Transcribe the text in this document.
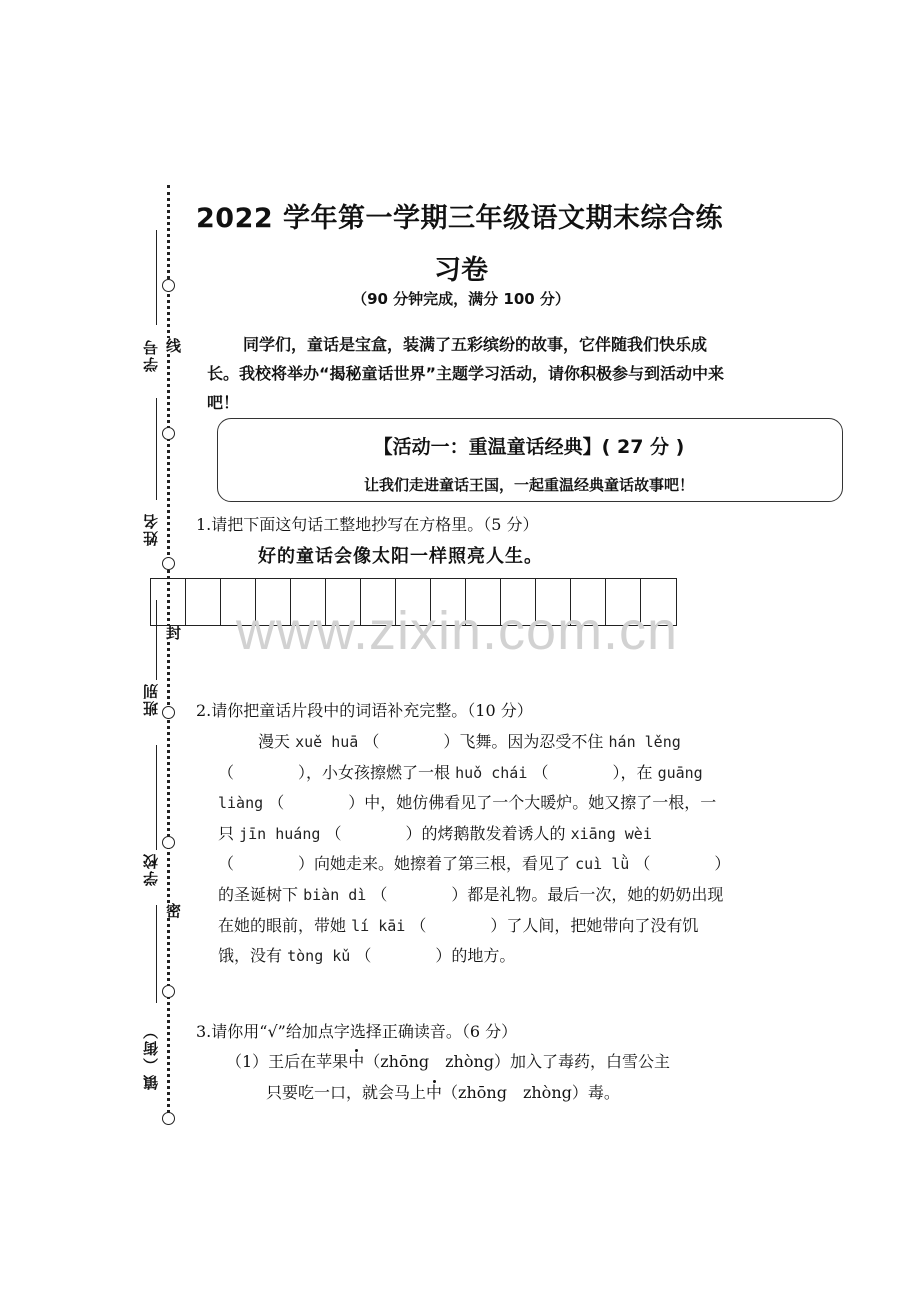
学号 线
姓名
封
班别
学校
密
镇（街）
2022 学年第一学期三年级语文期末综合练
习卷
（90 分钟完成，满分 100 分）
同学们，童话是宝盒，装满了五彩缤纷的故事，它伴随我们快乐成长。我校将举办“揭秘童话世界”主题学习活动，请你积极参与到活动中来吧！
【活动一：重温童话经典】( 27 分 )
让我们走进童话王国，一起重温经典童话故事吧！
1.请把下面这句话工整地抄写在方格里。（5 分）
好的童话会像太阳一样照亮人生。
www.zixin.com.cn
2.请你把童话片段中的词语补充完整。（10 分）
漫天 xuě huā （　　　　）飞舞。因为忍受不住 hán lěng （　　　　），小女孩擦燃了一根 huǒ chái （　　　　），在 guāng liàng （　　　　）中，她仿佛看见了一个大暖炉。她又擦了一根，一只 jīn huáng （　　　　）的烤鹅散发着诱人的 xiāng wèi （　　　　）向她走来。她擦着了第三根，看见了 cuì lǜ （　　　　）的圣诞树下 biàn dì （　　　　）都是礼物。最后一次，她的奶奶出现在她的眼前，带她 lí kāi （　　　　）了人间，把她带向了没有饥饿，没有 tòng kǔ （　　　　）的地方。
3.请你用“√”给加点字选择正确读音。（6 分）
（1）王后在苹果中（zhōng　zhòng）加入了毒药，白雪公主
只要吃一口，就会马上中（zhōng　zhòng）毒。
